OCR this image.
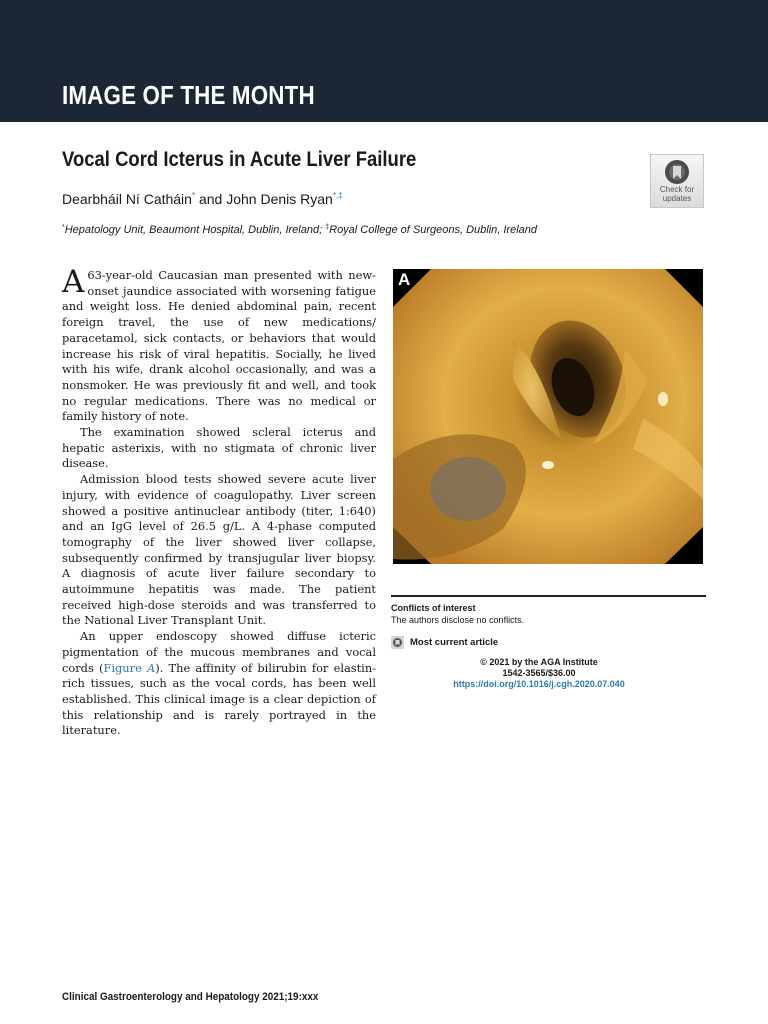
IMAGE OF THE MONTH
Vocal Cord Icterus in Acute Liver Failure
Dearbháil Ní Catháin* and John Denis Ryan*,‡
*Hepatology Unit, Beaumont Hospital, Dublin, Ireland; ‡Royal College of Surgeons, Dublin, Ireland
Check for
updates

A 63-year-old Caucasian man presented with new-onset jaundice associated with worsening fatigue and weight loss. He denied abdominal pain, recent foreign travel, the use of new medications/ paracetamol, sick contacts, or behaviors that would increase his risk of viral hepatitis. Socially, he lived with his wife, drank alcohol occasionally, and was a nonsmoker. He was previously fit and well, and took no regular medications. There was no medical or family history of note.

The examination showed scleral icterus and hepatic asterixis, with no stigmata of chronic liver disease.

Admission blood tests showed severe acute liver injury, with evidence of coagulopathy. Liver screen showed a positive antinuclear antibody (titer, 1:640) and an IgG level of 26.5 g/L. A 4-phase computed tomography of the liver showed liver collapse, subsequently confirmed by transjugular liver biopsy. A diagnosis of acute liver failure secondary to autoimmune hepatitis was made. The patient received high-dose steroids and was transferred to the National Liver Transplant Unit.

An upper endoscopy showed diffuse icteric pigmentation of the mucous membranes and vocal cords (Figure A). The affinity of bilirubin for elastin-rich tissues, such as the vocal cords, has been well established. This clinical image is a clear depiction of this relationship and is rarely portrayed in the literature.

A
Conflicts of interest
The authors disclose no conflicts.
Most current article
© 2021 by the AGA Institute
1542-3565/$36.00
https://doi.org/10.1016/j.cgh.2020.07.040
Clinical Gastroenterology and Hepatology 2021;19:xxx
